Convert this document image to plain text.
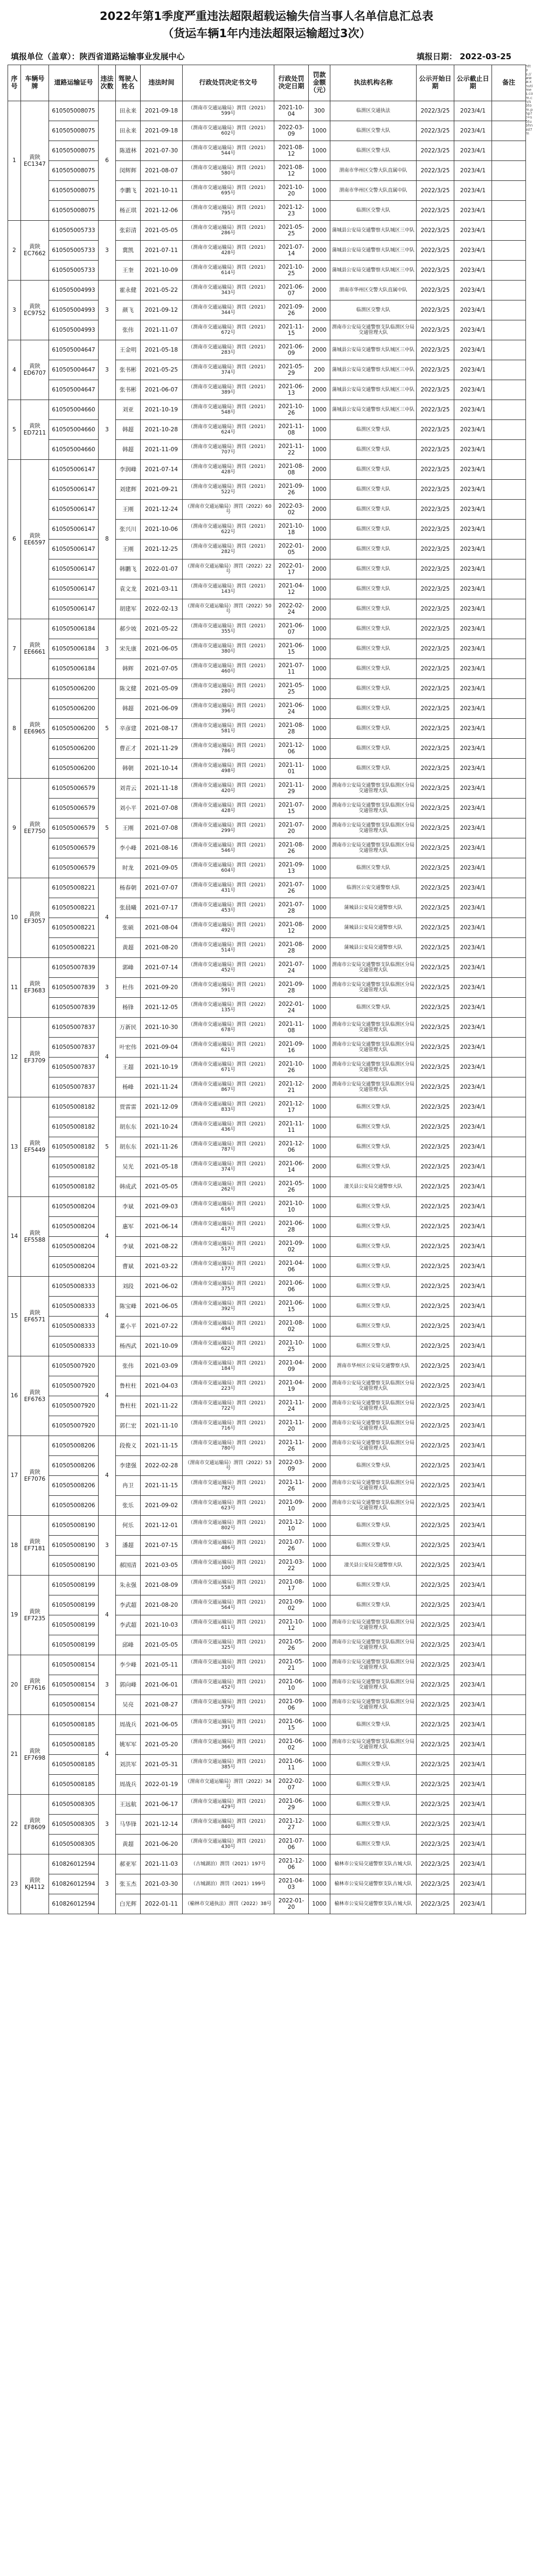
2022年第1季度严重违法超限超载运输失信当事人名单信息汇总表
（货运车辆1年内违法超限运输超过3次）
填报单位（盖章）：陕西省道路运输事业发展中心	填报日期： 2022-03-25
序号	车辆号牌	道路运输证号	违法次数	驾驶人姓名	违法时间	行政处罚决定书文号	行政处罚决定日期	罚款金额（元）	执法机构名称	公示开始日期	公示截止日期	备注
1	黄陕EC1347	610505008075	6	田永来	2021-09-18	（渭南市交通运输局）渭罚（2021）599号	2021-10-04	300	临渭区交通执法	2022/3/25	2023/4/1	
		610505008075		田永来	2021-09-18	（渭南市交通运输局）渭罚（2021）602号	2022-03-09	1000	临渭区交警大队	2022/3/25	2023/4/1	
		610505008075		陈道林	2021-07-30	（渭南市交通运输局）渭罚（2021）544号	2021-08-12	1000	临渭区交警大队	2022/3/25	2023/4/1	
		610505008075		闵辉辉	2021-08-07	（渭南市交通运输局）渭罚（2021）580号	2021-08-12	1000	渭南市华州区交警大队直属中队	2022/3/25	2023/4/1	
		610505008075		李鹏飞	2021-10-11	（渭南市交通运输局）渭罚（2021）695号	2021-10-20	1000	渭南市华州区交警大队直属中队	2022/3/25	2023/4/1	
		610505008075		杨正琪	2021-12-06	（渭南市交通运输局）渭罚（2021）795号	2021-12-23	1000	临渭区交警大队	2022/3/25	2023/4/1	
2	黄陕EC7662	610505005733	3	张彩清	2021-05-05	（渭南市交通运输局）渭罚（2021）286号	2021-05-25	2000	蒲城县公安局交通警察大队城区三中队	2022/3/25	2023/4/1	
		610505005733		冀凯	2021-07-11	（渭南市交通运输局）渭罚（2021）428号	2021-07-14	2000	蒲城县公安局交通警察大队城区三中队	2022/3/25	2023/4/1	
		610505005733		王奎	2021-10-09	（渭南市交通运输局）渭罚（2021）614号	2021-10-25	2000	蒲城县公安局交通警察大队城区三中队	2022/3/25	2023/4/1	
3	黄陕EC9752	610505004993	3	霍永健	2021-05-22	（渭南市交通运输局）渭罚（2021）343号	2021-06-07	2000	渭南市华州区交警大队直属中队	2022/3/25	2023/4/1	
		610505004993		颜飞	2021-09-12	（渭南市交通运输局）渭罚（2021）344号	2021-09-26	2000	临渭区交警大队	2022/3/25	2023/4/1	
		610505004993		张伟	2021-11-07	（渭南市交通运输局）渭罚（2021）672号	2021-11-15	2000	渭南市公安局交通警察支队临渭区分局交通管理大队	2022/3/25	2023/4/1	
4	黄陕ED6707	610505004647	3	王金明	2021-05-18	（渭南市交通运输局）渭罚（2021）283号	2021-06-09	2000	蒲城县公安局交通警察大队城区三中队	2022/3/25	2023/4/1	
		610505004647		张书彬	2021-05-25	（渭南市交通运输局）渭罚（2021）374号	2021-05-29	200	蒲城县公安局交通警察大队城区三中队	2022/3/25	2023/4/1	
		610505004647		张书彬	2021-06-07	（渭南市交通运输局）渭罚（2021）389号	2021-06-13	2000	蒲城县公安局交通警察大队城区三中队	2022/3/25	2023/4/1	
5	黄陕ED7211	610505004660	3	刘亚	2021-10-19	（渭南市交通运输局）渭罚（2021）548号	2021-10-26	1000	蒲城县公安局交通警察大队城区三中队	2022/3/25	2023/4/1	
		610505004660		韩超	2021-10-28	（渭南市交通运输局）渭罚（2021）624号	2021-11-08	1000	临渭区交警大队	2022/3/25	2023/4/1	
		610505004660		韩超	2021-11-09	（渭南市交通运输局）渭罚（2021）707号	2021-11-22	1000	临渭区交警大队	2022/3/25	2023/4/1	
6	黄陕EE6597	610505006147	8	李润峰	2021-07-14	（渭南市交通运输局）渭罚（2021）428号	2021-08-08	2000	临渭区交警大队	2022/3/25	2023/4/1	
		610505006147		刘建辉	2021-09-21	（渭南市交通运输局）渭罚（2021）522号	2021-09-26	1000	临渭区交警大队	2022/3/25	2023/4/1	
		610505006147		王刚	2021-12-24	（渭南市交通运输局）渭罚（2022）60号	2022-03-02	2000	临渭区交警大队	2022/3/25	2023/4/1	
		610505006147		张兴川	2021-10-06	（渭南市交通运输局）渭罚（2021）622号	2021-10-18	1000	临渭区交警大队	2022/3/25	2023/4/1	
		610505006147		王刚	2021-12-25	（渭南市交通运输局）渭罚（2021）282号	2022-01-05	2000	临渭区交警大队	2022/3/25	2023/4/1	
		610505006147		韩鹏飞	2022-01-07	（渭南市交通运输局）渭罚（2022）22号	2022-01-17	2000	临渭区交警大队	2022/3/25	2023/4/1	
		610505006147		袁文龙	2021-03-11	（渭南市交通运输局）渭罚（2021）143号	2021-04-12	1000	临渭区交警大队	2022/3/25	2023/4/1	
		610505006147		胡建军	2022-02-13	（渭南市交通运输局）渭罚（2022）50号	2022-02-24	2000	临渭区交警大队	2022/3/25	2023/4/1	
7	黄陕EE6661	610505006184	3	郝少坡	2021-05-22	（渭南市交通运输局）渭罚（2021）355号	2021-06-07	1000	临渭区交警大队	2022/3/25	2023/4/1	
		610505006184		宋先康	2021-06-05	（渭南市交通运输局）渭罚（2021）380号	2021-06-15	1000	临渭区交警大队	2022/3/25	2023/4/1	
		610505006184		韩辉	2021-07-05	（渭南市交通运输局）渭罚（2021）460号	2021-07-11	1000	临渭区交警大队	2022/3/25	2023/4/1	
8	黄陕EE6965	610505006200	5	陈文健	2021-05-09	（渭南市交通运输局）渭罚（2021）280号	2021-05-25	1000	临渭区交警大队	2022/3/25	2023/4/1	
		610505006200		韩超	2021-06-09	（渭南市交通运输局）渭罚（2021）396号	2021-06-24	1000	临渭区交警大队	2022/3/25	2023/4/1	
		610505006200		辛彦建	2021-08-17	（渭南市交通运输局）渭罚（2021）581号	2021-08-28	1000	临渭区交警大队	2022/3/25	2023/4/1	
		610505006200		曹正才	2021-11-29	（渭南市交通运输局）渭罚（2021）786号	2021-12-06	1000	临渭区交警大队	2022/3/25	2023/4/1	
		610505006200		韩朝	2021-10-14	（渭南市交通运输局）渭罚（2021）498号	2021-11-01	1000	临渭区交警大队	2022/3/25	2023/4/1	
9	黄陕EE7750	610505006579	5	刘青云	2021-11-18	（渭南市交通运输局）渭罚（2021）420号	2021-11-29	2000	渭南市公安局交通警察支队临渭区分局交通管理大队	2022/3/25	2023/4/1	
		610505006579		刘小平	2021-07-08	（渭南市交通运输局）渭罚（2021）428号	2021-07-15	2000	渭南市公安局交通警察支队临渭区分局交通管理大队	2022/3/25	2023/4/1	
		610505006579		王刚	2021-07-08	（渭南市交通运输局）渭罚（2021）299号	2021-07-20	2000	渭南市公安局交通警察支队临渭区分局交通管理大队	2022/3/25	2023/4/1	
		610505006579		李小峰	2021-08-16	（渭南市交通运输局）渭罚（2021）546号	2021-08-26	2000	渭南市公安局交通警察支队临渭区分局交通管理大队	2022/3/25	2023/4/1	
		610505006579		时龙	2021-09-05	（渭南市交通运输局）渭罚（2021）604号	2021-09-13	1000	临渭区交警大队	2022/3/25	2023/4/1	
10	黄陕EF3057	610505008221	4	杨春朝	2021-07-07	（渭南市交通运输局）渭罚（2021）431号	2021-07-26	1000	临渭区公安交通警察大队	2022/3/25	2023/4/1	
		610505008221		张晨曦	2021-07-17	（渭南市交通运输局）渭罚（2021）453号	2021-07-28	1000	蒲城县公安局交通警察大队	2022/3/25	2023/4/1	
		610505008221		张硕	2021-08-04	（渭南市交通运输局）渭罚（2021）492号	2021-08-12	2000	蒲城县公安局交通警察大队	2022/3/25	2023/4/1	
		610505008221		黄超	2021-08-20	（渭南市交通运输局）渭罚（2021）514号	2021-08-28	2000	蒲城县公安局交通警察大队	2022/3/25	2023/4/1	
11	黄陕EF3683	610505007839	3	郭峰	2021-07-14	（渭南市交通运输局）渭罚（2021）452号	2021-07-24	1000	渭南市公安局交通警察支队临渭区分局交通管理大队	2022/3/25	2023/4/1	
		610505007839		杜伟	2021-09-20	（渭南市交通运输局）渭罚（2021）591号	2021-09-28	1000	渭南市公安局交通警察支队临渭区分局交通管理大队	2022/3/25	2023/4/1	
		610505007839		杨锋	2021-12-05	（渭南市交通运输局）渭罚（2022）135号	2022-01-24	1000	临渭区交警大队	2022/3/25	2023/4/1	
12	黄陕EF3709	610505007837	4	万新民	2021-10-30	（渭南市交通运输局）渭罚（2021）678号	2021-11-08	1000	渭南市公安局交通警察支队临渭区分局交通管理大队	2022/3/25	2023/4/1	
		610505007837		叶宏伟	2021-09-04	（渭南市交通运输局）渭罚（2021）621号	2021-09-16	1000	渭南市公安局交通警察支队临渭区分局交通管理大队	2022/3/25	2023/4/1	
		610505007837		王超	2021-10-19	（渭南市交通运输局）渭罚（2021）671号	2021-10-26	1000	渭南市公安局交通警察支队临渭区分局交通管理大队	2022/3/25	2023/4/1	
		610505007837		杨峰	2021-11-24	（渭南市交通运输局）渭罚（2021）867号	2021-12-21	2000	渭南市公安局交通警察支队临渭区分局交通管理大队	2022/3/25	2023/4/1	
13	黄陕EF5449	610505008182	5	贾雷雷	2021-12-09	（渭南市交通运输局）渭罚（2021）833号	2021-12-17	1000	临渭区交警大队	2022/3/25	2023/4/1	
		610505008182		胡东东	2021-10-24	（渭南市交通运输局）渭罚（2021）436号	2021-11-11	1000	临渭区交警大队	2022/3/25	2023/4/1	
		610505008182		胡东东	2021-11-26	（渭南市交通运输局）渭罚（2021）787号	2021-12-06	1000	临渭区交警大队	2022/3/25	2023/4/1	
		610505008182		吴光	2021-05-18	（渭南市交通运输局）渭罚（2021）374号	2021-06-14	2000	临渭区交警大队	2022/3/25	2023/4/1	
		610505008182		韩成武	2021-05-05	（渭南市交通运输局）渭罚（2021）262号	2021-05-26	1000	潼关县公安局交通警察大队	2022/3/25	2023/4/1	
14	黄陕EF5588	610505008204	4	李斌	2021-09-03	（渭南市交通运输局）渭罚（2021）616号	2021-10-10	1000	临渭区交警大队	2022/3/25	2023/4/1	
		610505008204		惠军	2021-06-14	（渭南市交通运输局）渭罚（2021）417号	2021-06-28	1000	临渭区交警大队	2022/3/25	2023/4/1	
		610505008204		李斌	2021-08-22	（渭南市交通运输局）渭罚（2021）517号	2021-09-02	1000	临渭区交警大队	2022/3/25	2023/4/1	
		610505008204		曹斌	2021-03-22	（渭南市交通运输局）渭罚（2021）177号	2021-04-06	1000	临渭区交警大队	2022/3/25	2023/4/1	
15	黄陕EF6571	610505008333	4	刘段	2021-06-02	（渭南市交通运输局）渭罚（2021）375号	2021-06-06	1000	临渭区交警大队	2022/3/25	2023/4/1	
		610505008333		陈宝峰	2021-06-05	（渭南市交通运输局）渭罚（2021）392号	2021-06-15	1000	临渭区交警大队	2022/3/25	2023/4/1	
		610505008333		董小平	2021-07-22	（渭南市交通运输局）渭罚（2021）494号	2021-08-02	1000	临渭区交警大队	2022/3/25	2023/4/1	
		610505008333		杨西武	2021-10-09	（渭南市交通运输局）渭罚（2021）622号	2021-10-25	1000	临渭区交警大队	2022/3/25	2023/4/1	
16	黄陕EF6763	610505007920	4	张伟	2021-03-09	（渭南市交通运输局）渭罚（2021）184号	2021-04-09	2000	渭南市华州区公安局交通警察大队	2022/3/25	2023/4/1	
		610505007920		鲁柱柱	2021-04-03	（渭南市交通运输局）渭罚（2021）223号	2021-04-19	2000	渭南市公安局交通警察支队临渭区分局交通管理大队	2022/3/25	2023/4/1	
		610505007920		鲁柱柱	2021-11-22	（渭南市交通运输局）渭罚（2021）722号	2021-11-24	2000	渭南市公安局交通警察支队临渭区分局交通管理大队	2022/3/25	2023/4/1	
		610505007920		郭仁宏	2021-11-10	（渭南市交通运输局）渭罚（2021）716号	2021-11-20	2000	渭南市公安局交通警察支队临渭区分局交通管理大队	2022/3/25	2023/4/1	
17	黄陕EF7076	610505008206	4	段俊义	2021-11-15	（渭南市交通运输局）渭罚（2021）780号	2021-11-26	2000	渭南市公安局交通警察支队临渭区分局交通管理大队	2022/3/25	2023/4/1	
		610505008206		李建强	2022-02-28	（渭南市交通运输局）渭罚（2022）53号	2022-03-09	2000	临渭区交警大队	2022/3/25	2023/4/1	
		610505008206		冉卫	2021-11-15	（渭南市交通运输局）渭罚（2021）782号	2021-11-26	2000	渭南市公安局交通警察支队临渭区分局交通管理大队	2022/3/25	2023/4/1	
		610505008206		张乐	2021-09-02	（渭南市交通运输局）渭罚（2021）623号	2021-09-10	2000	渭南市公安局交通警察支队临渭区分局交通管理大队	2022/3/25	2023/4/1	
18	黄陕EF7181	610505008190	3	何乐	2021-12-01	（渭南市交通运输局）渭罚（2021）802号	2021-12-10	1000	临渭区交警大队	2022/3/25	2023/4/1	
		610505008190		潘超	2021-07-15	（渭南市交通运输局）渭罚（2021）486号	2021-07-26	1000	临渭区交警大队	2022/3/25	2023/4/1	
		610505008190		郝国清	2021-03-05	（渭南市交通运输局）渭罚（2021）100号	2021-03-22	1000	潼关县公安局交通警察大队	2022/3/25	2023/4/1	
19	黄陕EF7235	610505008199	4	朱永强	2021-08-09	（渭南市交通运输局）渭罚（2021）558号	2021-08-17	1000	临渭区交警大队	2022/3/25	2023/4/1	
		610505008199		李武超	2021-08-20	（渭南市交通运输局）渭罚（2021）564号	2021-09-02	1000	临渭区交警大队	2022/3/25	2023/4/1	
		610505008199		李武超	2021-10-03	（渭南市交通运输局）渭罚（2021）611号	2021-10-12	1000	渭南市公安局交通警察支队临渭区分局交通管理大队	2022/3/25	2023/4/1	
		610505008199		邱峰	2021-05-05	（渭南市交通运输局）渭罚（2021）325号	2021-05-26	2000	渭南市公安局交通警察支队临渭区分局交通管理大队	2022/3/25	2023/4/1	
20	黄陕EF7616	610505008154	3	李少峰	2021-05-11	（渭南市交通运输局）渭罚（2021）310号	2021-05-21	1000	渭南市公安局交通警察支队临渭区分局交通管理大队	2022/3/25	2023/4/1	
		610505008154		郭向峰	2021-06-01	（渭南市交通运输局）渭罚（2021）452号	2021-06-10	1000	渭南市公安局交通警察支队临渭区分局交通管理大队	2022/3/25	2023/4/1	
		610505008154		吴亮	2021-08-27	（渭南市交通运输局）渭罚（2021）579号	2021-09-06	1000	渭南市公安局交通警察支队临渭区分局交通管理大队	2022/3/25	2023/4/1	
21	黄陕EF7698	610505008185	4	周战兵	2021-06-05	（渭南市交通运输局）渭罚（2021）391号	2021-06-15	1000	临渭区交警大队	2022/3/25	2023/4/1	
		610505008185		姚军军	2021-05-20	（渭南市交通运输局）渭罚（2021）366号	2021-06-02	1000	渭南市公安局交通警察支队临渭区分局交通管理大队	2022/3/25	2023/4/1	
		610505008185		刘洪军	2021-05-31	（渭南市交通运输局）渭罚（2021）385号	2021-06-11	1000	临渭区交警大队	2022/3/25	2023/4/1	
		610505008185		周战兵	2022-01-19	（渭南市交通运输局）渭罚（2022）34号	2022-02-07	1000	临渭区交警大队	2022/3/25	2023/4/1	
22	黄陕EF8609	610505008305	3	王远航	2021-06-17	（渭南市交通运输局）渭罚（2021）429号	2021-06-29	1000	临渭区交警大队	2022/3/25	2023/4/1	
		610505008305		马华锋	2021-12-14	（渭南市交通运输局）渭罚（2021）840号	2021-12-27	1000	临渭区交警大队	2022/3/25	2023/4/1	
		610505008305		黄超	2021-06-20	（渭南市交通运输局）渭罚（2021）430号	2021-07-06	1000	临渭区交警大队	2022/3/25	2023/4/1	
23	黄陕KJ4112	610826012594	3	郝亚军	2021-11-03	（古城湖泊）渭罚（2021）197号	2021-12-06	1000	榆林市公安局交通警察支队古城大队	2022/3/25	2023/4/1	
		610826012594		张玉杰	2021-03-30	（古城湖泊）渭罚（2021）199号	2021-04-03	1000	榆林市公安局交通警察支队古城大队	2022/3/25	2023/4/1	
		610826012594		白光辉	2022-01-11	（榆林市交通执法）渭罚（2022）38号	2022-01-20	1000	榆林市公安局交通警察支队古城大队	2022/3/25	2023/4/1	
https://www.xnutimes.com.cn/sbtom.php?t=s5tubhnzd7m
